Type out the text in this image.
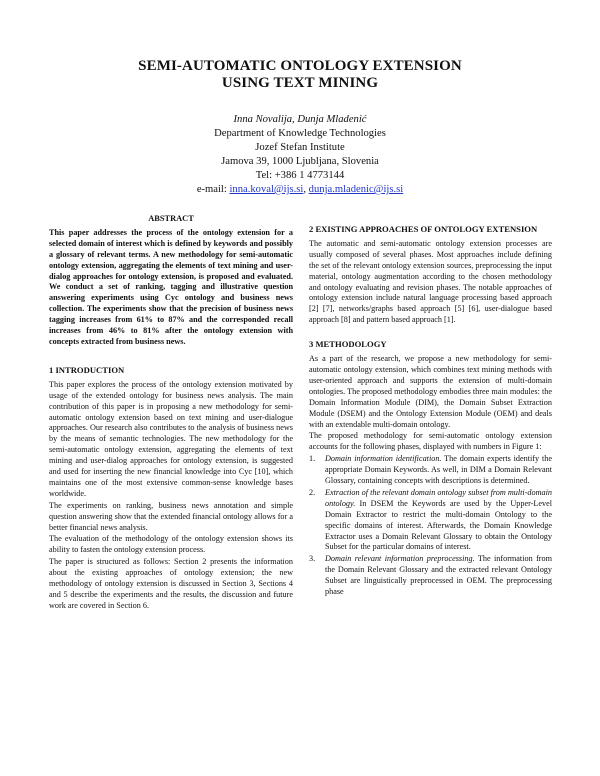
SEMI-AUTOMATIC ONTOLOGY EXTENSION
USING TEXT MINING
Inna Novalija, Dunja Mladenić
Department of Knowledge Technologies
Jozef Stefan Institute
Jamova 39, 1000 Ljubljana, Slovenia
Tel: +386 1 4773144
e-mail: inna.koval@ijs.si, dunja.mladenic@ijs.si
ABSTRACT

This paper addresses the process of the ontology extension for a selected domain of interest which is defined by keywords and possibly a glossary of relevant terms. A new methodology for semi-automatic ontology extension, aggregating the elements of text mining and user-dialog approaches for ontology extension, is proposed and evaluated. We conduct a set of ranking, tagging and illustrative question answering experiments using Cyc ontology and business news collection. The experiments show that the precision of business news tagging increases from 61% to 87% and the corresponded recall increases from 46% to 81% after the ontology extension with concepts extracted from business news.

1 INTRODUCTION

This paper explores the process of the ontology extension motivated by usage of the extended ontology for business news analysis. The main contribution of this paper is in proposing a new methodology for semi-automatic ontology extension based on text mining and user-dialogue approaches. Our research also contributes to the analysis of business news by the means of semantic technologies. The new methodology for the semi-automatic ontology extension, aggregating the elements of text mining and user-dialog approaches for ontology extension, is suggested and used for inserting the new financial knowledge into Cyc [10], which maintains one of the most extensive common-sense knowledge bases worldwide.

The experiments on ranking, business news annotation and simple question answering show that the extended financial ontology allows for a better financial news analysis.

The evaluation of the methodology of the ontology extension shows its ability to fasten the ontology extension process.

The paper is structured as follows: Section 2 presents the information about the existing approaches of ontology extension; the new methodology of ontology extension is discussed in Section 3, Sections 4 and 5 describe the experiments and the results, the discussion and future work are covered in Section 6.

2 EXISTING APPROACHES OF ONTOLOGY EXTENSION

The automatic and semi-automatic ontology extension processes are usually composed of several phases. Most approaches include defining the set of the relevant ontology extension sources, preprocessing the input material, ontology augmentation according to the chosen methodology and ontology evaluating and revision phases. The notable approaches of ontology extension include natural language processing based approach [2] [7], networks/graphs based approach [5] [6], user-dialogue based approach [8] and pattern based approach [1].

3 METHODOLOGY

As a part of the research, we propose a new methodology for semi-automatic ontology extension, which combines text mining methods with user-oriented approach and supports the extension of multi-domain ontologies. The proposed methodology embodies three main modules: the Domain Information Module (DIM), the Domain Subset Extraction Module (DSEM) and the Ontology Extension Module (OEM) and deals with an extendable multi-domain ontology.

The proposed methodology for semi-automatic ontology extension accounts for the following phases, displayed with numbers in Figure 1:

1. Domain information identification. The domain experts identify the appropriate Domain Keywords. As well, in DIM a Domain Relevant Glossary, containing concepts with descriptions is determined.
2. Extraction of the relevant domain ontology subset from multi-domain ontology. In DSEM the Keywords are used by the Upper-Level Domain Extractor to restrict the multi-domain Ontology to the specific domains of interest. Afterwards, the Domain Knowledge Extractor uses a Domain Relevant Glossary to obtain the Ontology Subset for the particular domains of interest.
3. Domain relevant information preprocessing. The information from the Domain Relevant Glossary and the extracted relevant Ontology Subset are linguistically preprocessed in OEM. The preprocessing phase
